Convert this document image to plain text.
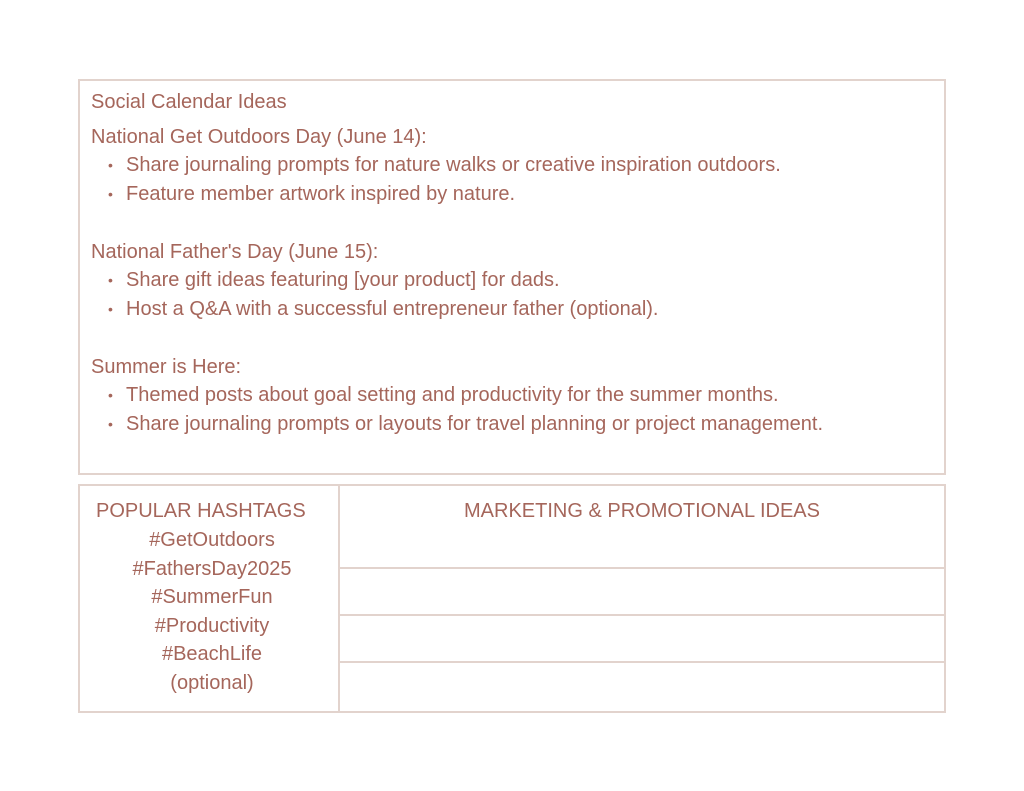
Social Calendar Ideas
National Get Outdoors Day (June 14):
• Share journaling prompts for nature walks or creative inspiration outdoors.
• Feature member artwork inspired by nature.
National Father's Day (June 15):
• Share gift ideas featuring [your product] for dads.
• Host a Q&A with a successful entrepreneur father (optional).
Summer is Here:
• Themed posts about goal setting and productivity for the summer months.
• Share journaling prompts or layouts for travel planning or project management.
POPULAR HASHTAGS
#GetOutdoors
#FathersDay2025
#SummerFun
#Productivity
#BeachLife
(optional)
MARKETING & PROMOTIONAL IDEAS
